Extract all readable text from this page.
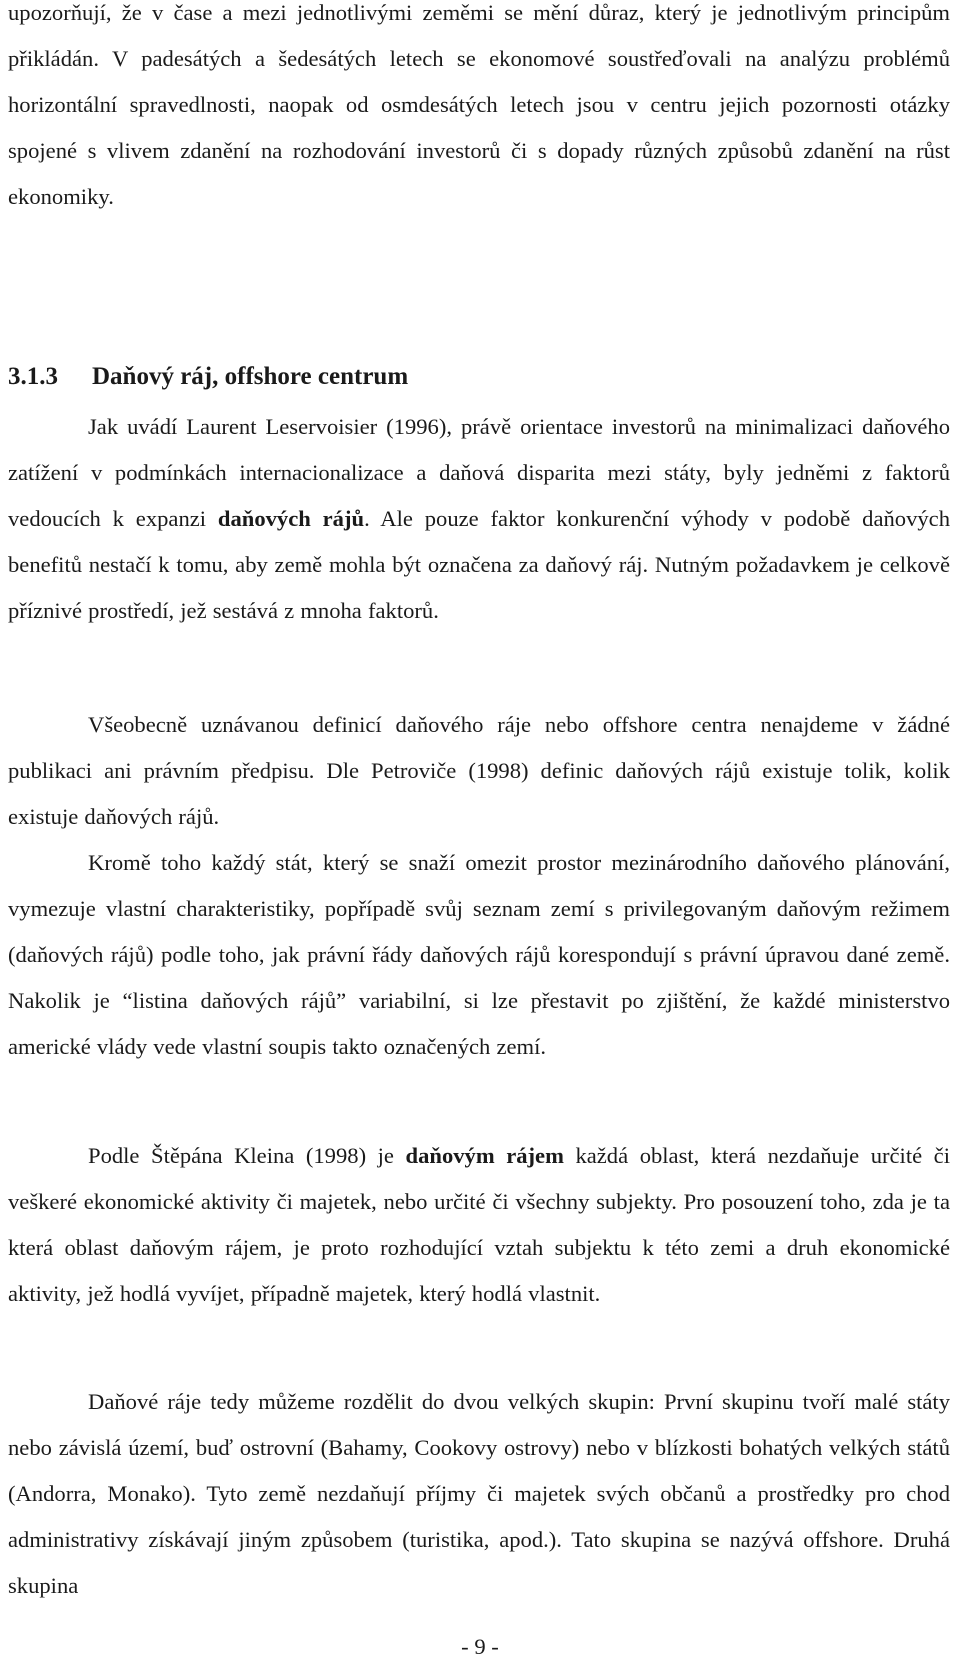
upozorňují, že v čase a mezi jednotlivými zeměmi se mění důraz, který je jednotlivým principům přikládán. V padesátých a šedesátých letech se ekonomové soustřeďovali na analýzu problémů horizontální spravedlnosti, naopak od osmdesátých letech jsou v centru jejich pozornosti otázky spojené s vlivem zdanění na rozhodování investorů či s dopady různých způsobů zdanění na růst ekonomiky.

3.1.3 Daňový ráj, offshore centrum

Jak uvádí Laurent Leservoisier (1996), právě orientace investorů na minimalizaci daňového zatížení v podmínkách internacionalizace a daňová disparita mezi státy, byly jedněmi z faktorů vedoucích k expanzi daňových rájů. Ale pouze faktor konkurenční výhody v podobě daňových benefitů nestačí k tomu, aby země mohla být označena za daňový ráj. Nutným požadavkem je celkově příznivé prostředí, jež sestává z mnoha faktorů.

Všeobecně uznávanou definicí daňového ráje nebo offshore centra nenajdeme v žádné publikaci ani právním předpisu. Dle Petroviče (1998) definic daňových rájů existuje tolik, kolik existuje daňových rájů.

Kromě toho každý stát, který se snaží omezit prostor mezinárodního daňového plánování, vymezuje vlastní charakteristiky, popřípadě svůj seznam zemí s privilegovaným daňovým režimem (daňových rájů) podle toho, jak právní řády daňových rájů korespondují s právní úpravou dané země. Nakolik je “listina daňových rájů” variabilní, si lze přestavit po zjištění, že každé ministerstvo americké vlády vede vlastní soupis takto označených zemí.

Podle Štěpána Kleina (1998) je daňovým rájem každá oblast, která nezdaňuje určité či veškeré ekonomické aktivity či majetek, nebo určité či všechny subjekty. Pro posouzení toho, zda je ta která oblast daňovým rájem, je proto rozhodující vztah subjektu k této zemi a druh ekonomické aktivity, jež hodlá vyvíjet, případně majetek, který hodlá vlastnit.

Daňové ráje tedy můžeme rozdělit do dvou velkých skupin: První skupinu tvoří malé státy nebo závislá území, buď ostrovní (Bahamy, Cookovy ostrovy) nebo v blízkosti bohatých velkých států (Andorra, Monako). Tyto země nezdaňují příjmy či majetek svých občanů a prostředky pro chod administrativy získávají jiným způsobem (turistika, apod.). Tato skupina se nazývá offshore. Druhá skupina

- 9 -
